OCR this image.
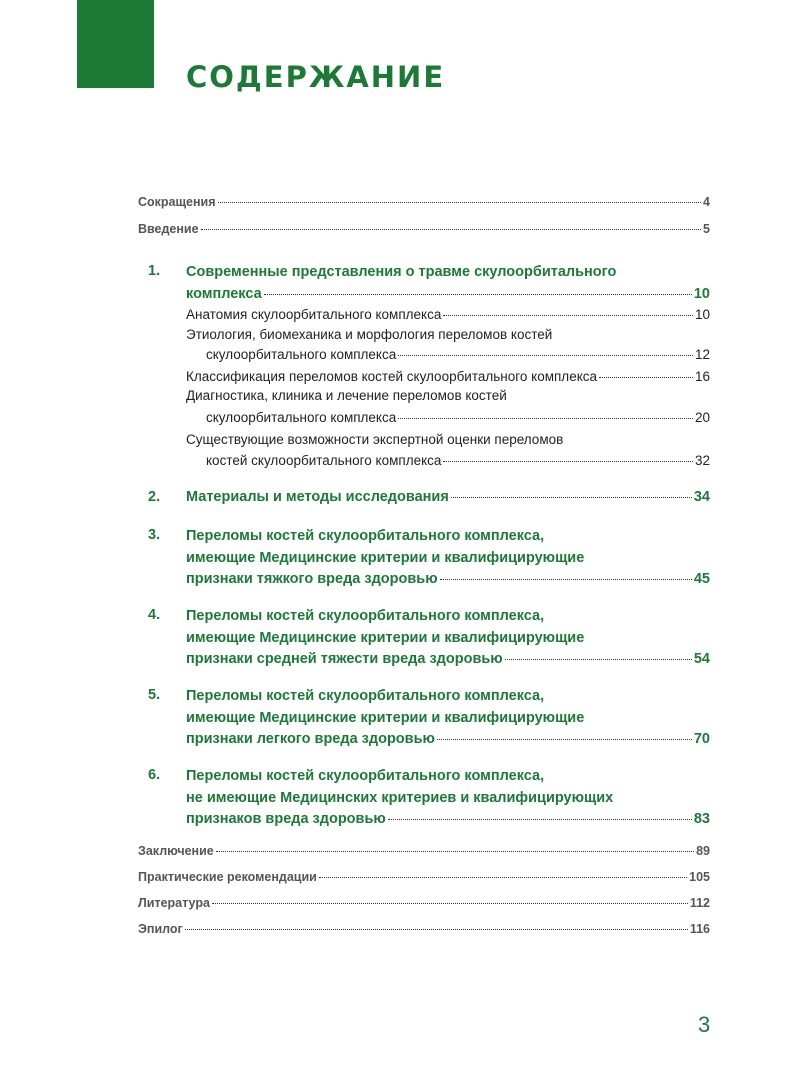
СОДЕРЖАНИЕ
Сокращения	4
Введение	5
1. Современные представления о травме скулоорбитального
комплекса	10
Анатомия скулоорбитального комплекса	10
Этиология, биомеханика и морфология переломов костей
скулоорбитального комплекса	12
Классификация переломов костей скулоорбитального комплекса	16
Диагностика, клиника и лечение переломов костей
скулоорбитального комплекса	20
Существующие возможности экспертной оценки переломов
костей скулоорбитального комплекса	32
2. Материалы и методы исследования	34
3. Переломы костей скулоорбитального комплекса,
имеющие Медицинские критерии и квалифицирующие
признаки тяжкого вреда здоровью	45
4. Переломы костей скулоорбитального комплекса,
имеющие Медицинские критерии и квалифицирующие
признаки средней тяжести вреда здоровью	54
5. Переломы костей скулоорбитального комплекса,
имеющие Медицинские критерии и квалифицирующие
признаки легкого вреда здоровью	70
6. Переломы костей скулоорбитального комплекса,
не имеющие Медицинских критериев и квалифицирующих
признаков вреда здоровью	83
Заключение	89
Практические рекомендации	105
Литература	112
Эпилог	116
3
